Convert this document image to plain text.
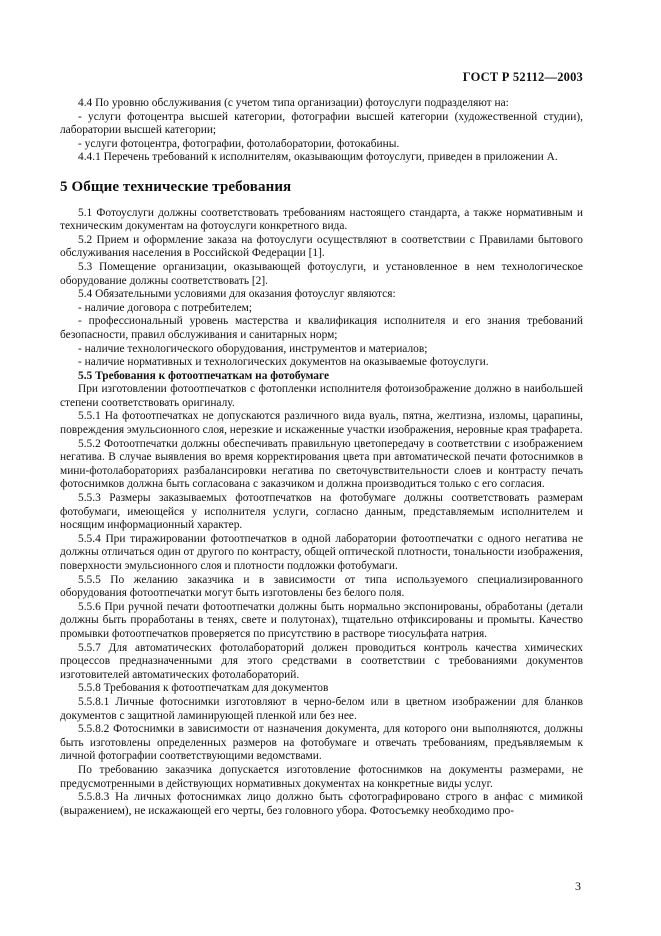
ГОСТ Р 52112—2003

4.4 По уровню обслуживания (с учетом типа организации) фотоуслуги подразделяют на:

- услуги фотоцентра высшей категории, фотографии высшей категории (художественной студии), лаборатории высшей категории;

- услуги фотоцентра, фотографии, фотолаборатории, фотокабины.

4.4.1 Перечень требований к исполнителям, оказывающим фотоуслуги, приведен в приложении А.

5 Общие технические требования

5.1 Фотоуслуги должны соответствовать требованиям настоящего стандарта, а также нормативным и техническим документам на фотоуслуги конкретного вида.

5.2 Прием и оформление заказа на фотоуслуги осуществляют в соответствии с Правилами бытового обслуживания населения в Российской Федерации [1].

5.3 Помещение организации, оказывающей фотоуслуги, и установленное в нем технологическое оборудование должны соответствовать [2].

5.4 Обязательными условиями для оказания фотоуслуг являются:

- наличие договора с потребителем;

- профессиональный уровень мастерства и квалификация исполнителя и его знания требований безопасности, правил обслуживания и санитарных норм;

- наличие технологического оборудования, инструментов и материалов;

- наличие нормативных и технологических документов на оказываемые фотоуслуги.

5.5 Требования к фотоотпечаткам на фотобумаге

При изготовлении фотоотпечатков с фотопленки исполнителя фотоизображение должно в наибольшей степени соответствовать оригиналу.

5.5.1 На фотоотпечатках не допускаются различного вида вуаль, пятна, желтизна, изломы, царапины, повреждения эмульсионного слоя, нерезкие и искаженные участки изображения, неровные края трафарета.

5.5.2 Фотоотпечатки должны обеспечивать правильную цветопередачу в соответствии с изображением негатива. В случае выявления во время корректирования цвета при автоматической печати фотоснимков в мини-фотолабораториях разбалансировки негатива по светочувствительности слоев и контрасту печать фотоснимков должна быть согласована с заказчиком и должна производиться только с его согласия.

5.5.3 Размеры заказываемых фотоотпечатков на фотобумаге должны соответствовать размерам фотобумаги, имеющейся у исполнителя услуги, согласно данным, представляемым исполнителем и носящим информационный характер.

5.5.4 При тиражировании фотоотпечатков в одной лаборатории фотоотпечатки с одного негатива не должны отличаться один от другого по контрасту, общей оптической плотности, тональности изображения, поверхности эмульсионного слоя и плотности подложки фотобумаги.

5.5.5 По желанию заказчика и в зависимости от типа используемого специализированного оборудования фотоотпечатки могут быть изготовлены без белого поля.

5.5.6 При ручной печати фотоотпечатки должны быть нормально экспонированы, обработаны (детали должны быть проработаны в тенях, свете и полутонах), тщательно отфиксированы и промыты. Качество промывки фотоотпечатков проверяется по присутствию в растворе тиосульфата натрия.

5.5.7 Для автоматических фотолабораторий должен проводиться контроль качества химических процессов предназначенными для этого средствами в соответствии с требованиями документов изготовителей автоматических фотолабораторий.

5.5.8 Требования к фотоотпечаткам для документов

5.5.8.1 Личные фотоснимки изготовляют в черно-белом или в цветном изображении для бланков документов с защитной ламинирующей пленкой или без нее.

5.5.8.2 Фотоснимки в зависимости от назначения документа, для которого они выполняются, должны быть изготовлены определенных размеров на фотобумаге и отвечать требованиям, предъявляемым к личной фотографии соответствующими ведомствами.

По требованию заказчика допускается изготовление фотоснимков на документы размерами, не предусмотренными в действующих нормативных документах на конкретные виды услуг.

5.5.8.3 На личных фотоснимках лицо должно быть сфотографировано строго в анфас с мимикой (выражением), не искажающей его черты, без головного убора. Фотосъемку необходимо про-

3
